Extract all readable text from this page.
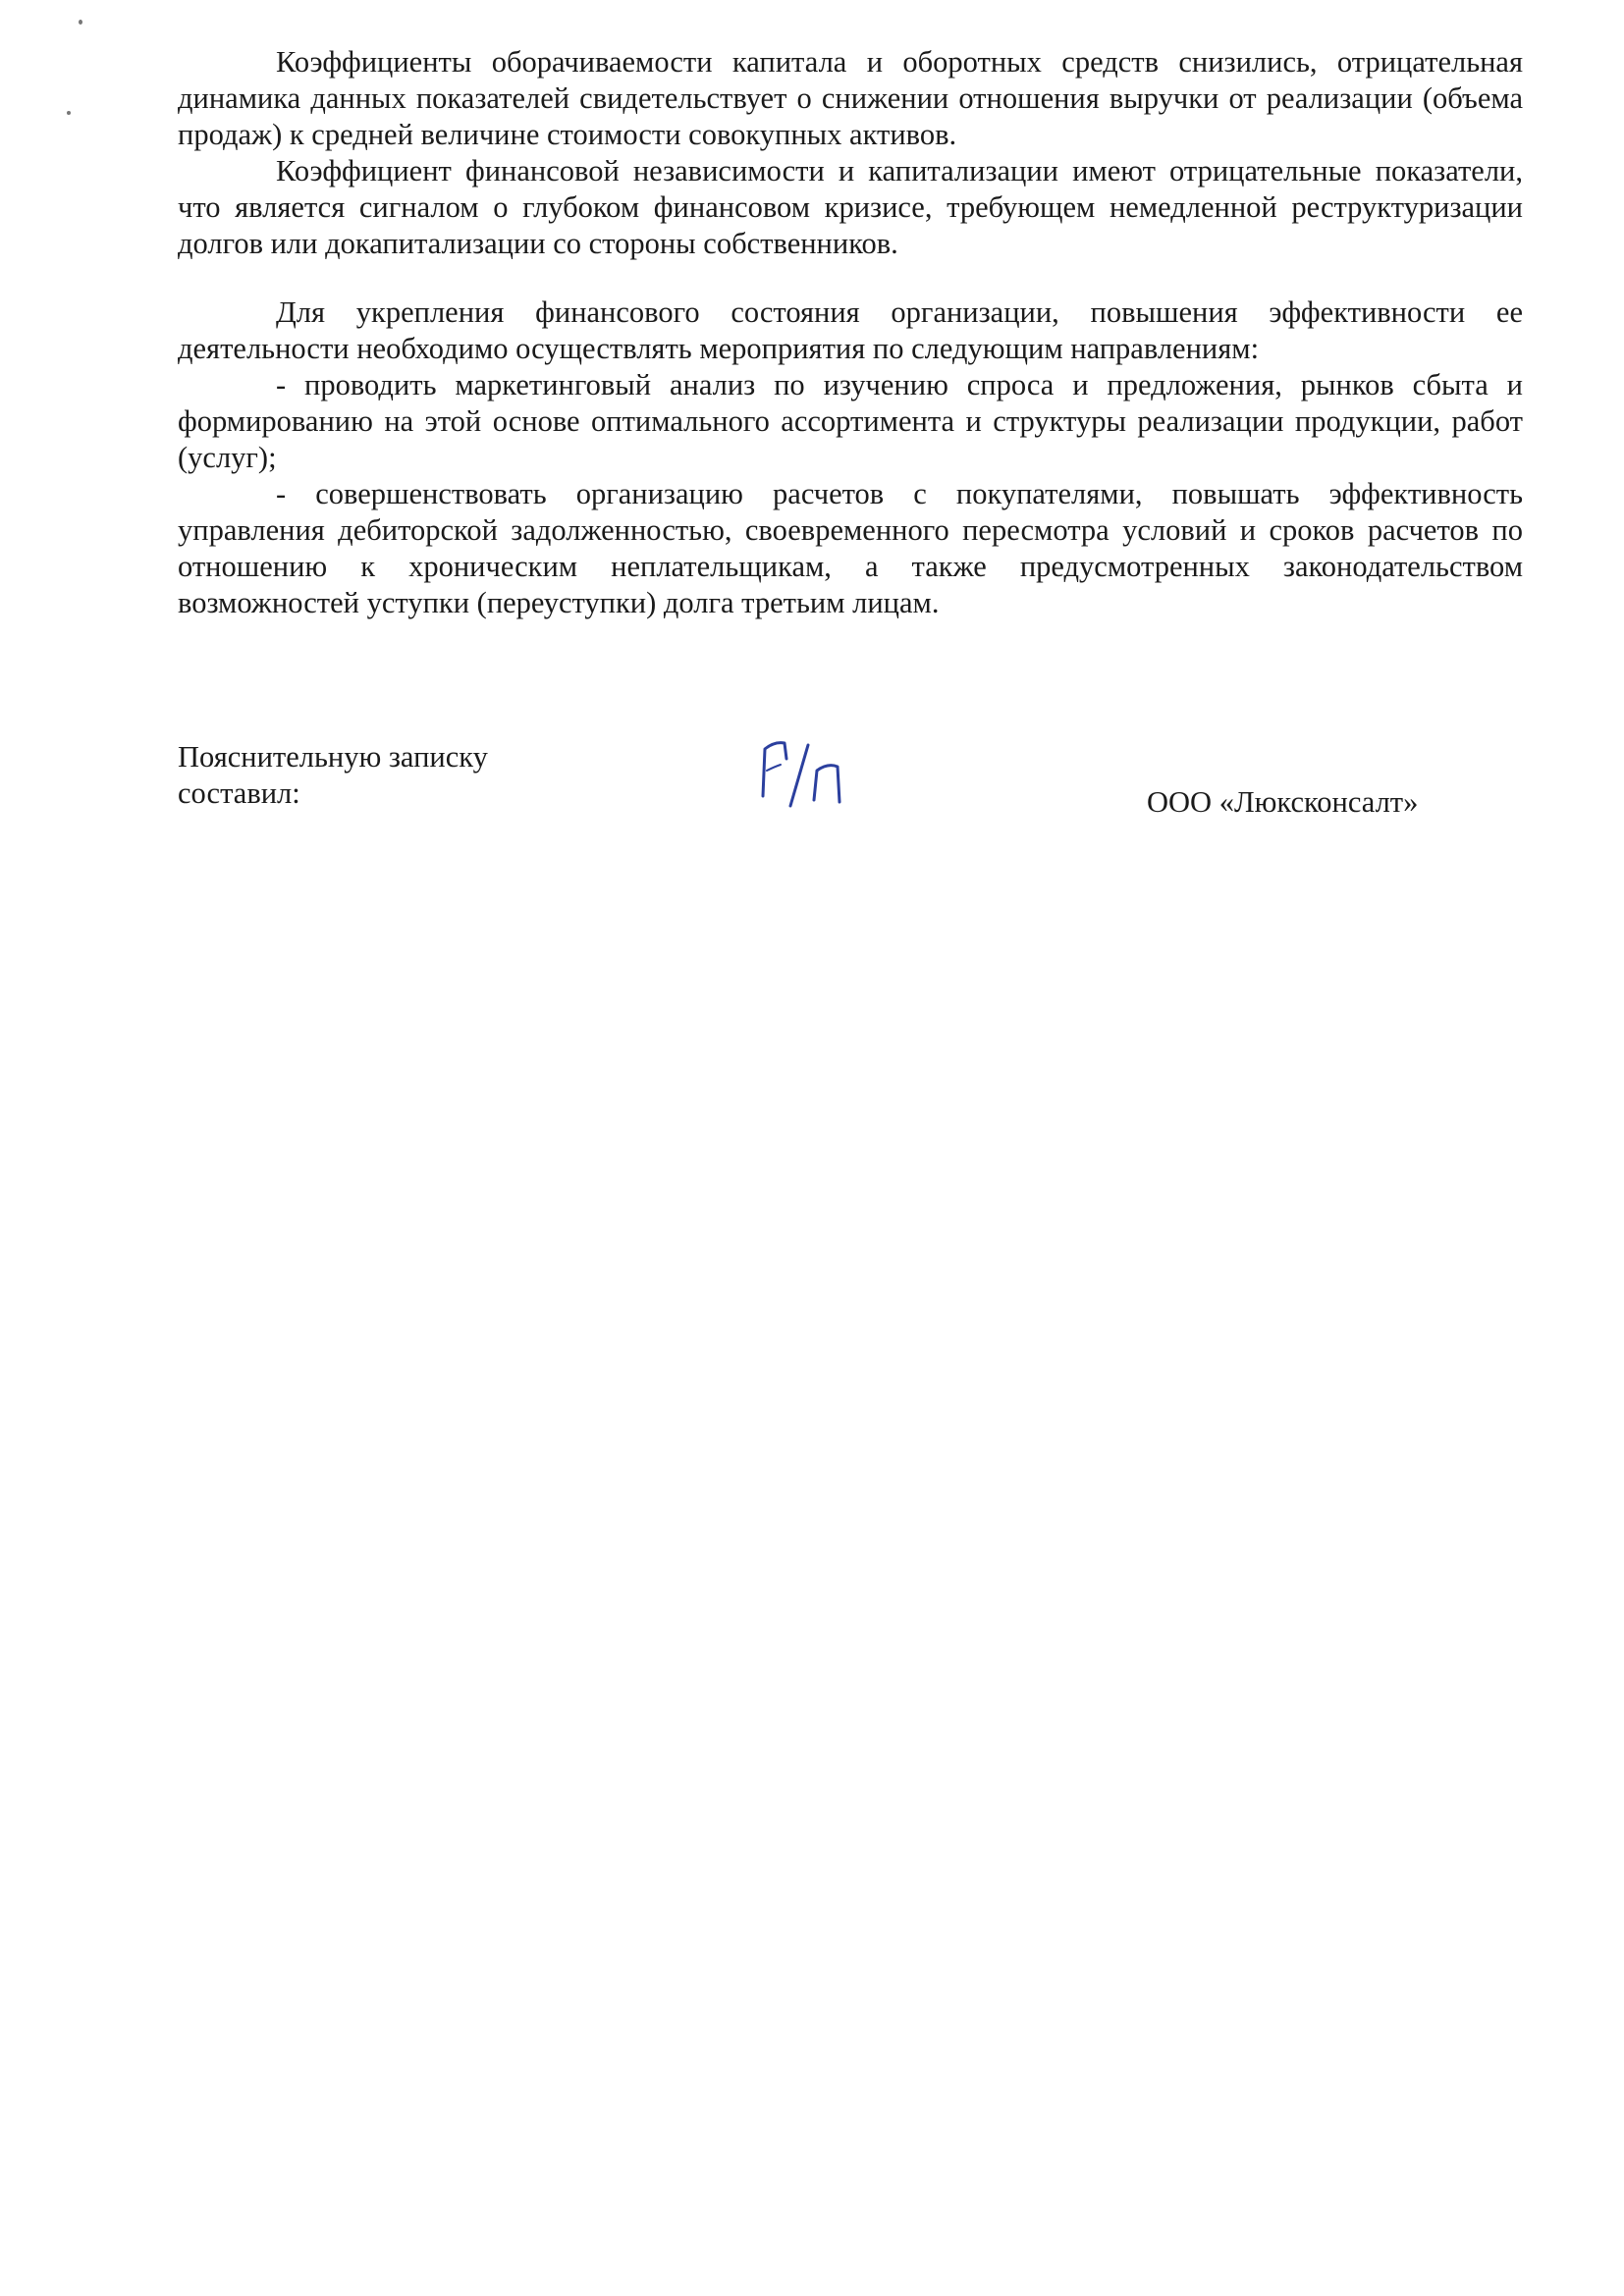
Коэффициенты оборачиваемости капитала и оборотных средств снизились, отрицательная динамика данных показателей свидетельствует о снижении отношения выручки от реализации (объема продаж) к средней величине стоимости совокупных активов.

Коэффициент финансовой независимости и капитализации имеют отрицательные показатели, что является сигналом о глубоком финансовом кризисе, требующем немедленной реструктуризации долгов или докапитализации со стороны собственников.

Для укрепления финансового состояния организации, повышения эффективности ее деятельности необходимо осуществлять мероприятия по следующим направлениям:

- проводить маркетинговый анализ по изучению спроса и предложения, рынков сбыта и формированию на этой основе оптимального ассортимента и структуры реализации продукции, работ (услуг);

- совершенствовать организацию расчетов с покупателями, повышать эффективность управления дебиторской задолженностью, своевременного пересмотра условий и сроков расчетов по отношению к хроническим неплательщикам, а также предусмотренных законодательством возможностей уступки (переуступки) долга третьим лицам.

Пояснительную записку
составил:	ООО «Люксконсалт»
